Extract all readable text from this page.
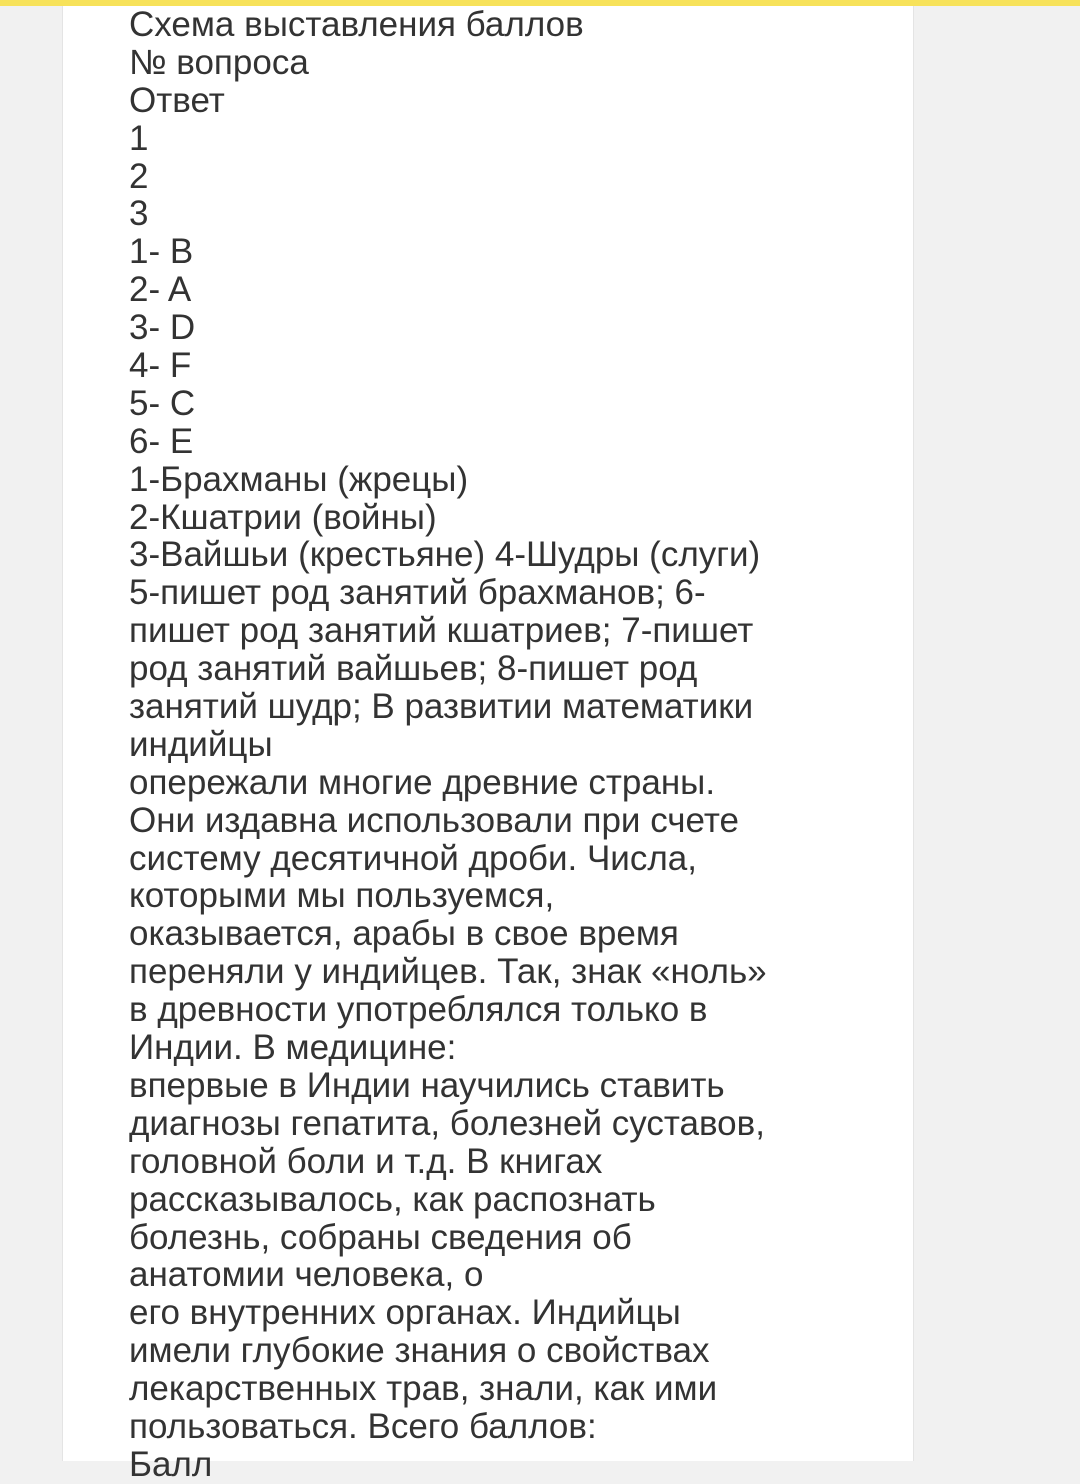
Схема выставления баллов
№ вопроса
Ответ
1
2
3
1- B
2- A
3- D
4- F
5- C
6- E
1-Брахманы (жрецы)
2-Кшатрии (войны)
3-Вайшьи (крестьяне) 4-Шудры (слуги)
5-пишет род занятий брахманов; 6-
пишет род занятий кшатриев; 7-пишет
род занятий вайшьев; 8-пишет род
занятий шудр; В развитии математики
индийцы
опережали многие древние страны.
Они издавна использовали при счете
систему десятичной дроби. Числа,
которыми мы пользуемся,
оказывается, арабы в свое время
переняли у индийцев. Так, знак «ноль»
в древности употреблялся только в
Индии. В медицине:
впервые в Индии научились ставить
диагнозы гепатита, болезней суставов,
головной боли и т.д. В книгах
рассказывалось, как распознать
болезнь, собраны сведения об
анатомии человека, о
его внутренних органах. Индийцы
имели глубокие знания о свойствах
лекарственных трав, знали, как ими
пользоваться. Всего баллов:
Балл
